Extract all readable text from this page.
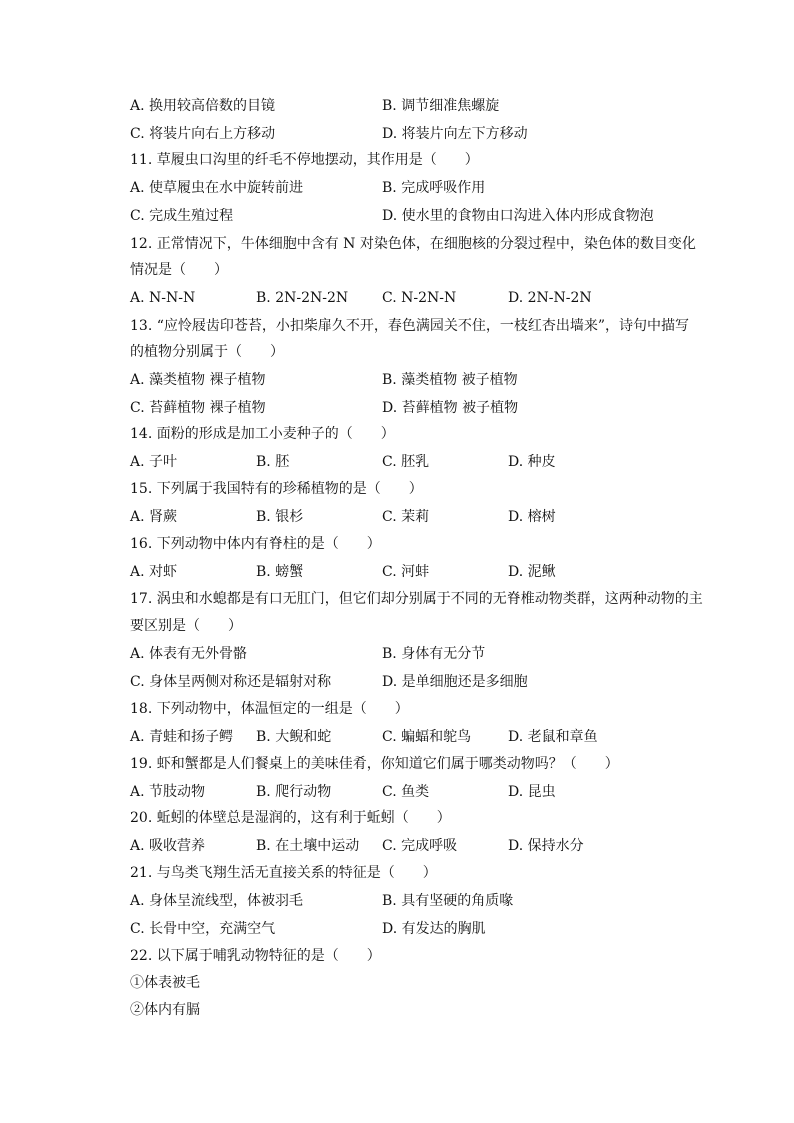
A. 换用较高倍数的目镜	B. 调节细准焦螺旋
C. 将装片向右上方移动	D. 将装片向左下方移动
11. 草履虫口沟里的纤毛不停地摆动，其作用是（　　）
A. 使草履虫在水中旋转前进	B. 完成呼吸作用
C. 完成生殖过程	D. 使水里的食物由口沟进入体内形成食物泡
12. 正常情况下，牛体细胞中含有 N 对染色体，在细胞核的分裂过程中，染色体的数目变化
情况是（　　）
A. N-N-N	B. 2N-2N-2N C. N-2N-N	D. 2N-N-2N
13. “应怜屐齿印苍苔，小扣柴扉久不开，春色满园关不住，一枝红杏出墙来”，诗句中描写
的植物分别属于（　　）
A. 藻类植物 裸子植物	B. 藻类植物 被子植物
C. 苔藓植物 裸子植物	D. 苔藓植物 被子植物
14. 面粉的形成是加工小麦种子的（　　）
A. 子叶	B. 胚	C. 胚乳	D. 种皮
15. 下列属于我国特有的珍稀植物的是（　　）
A. 肾蕨	B. 银杉	C. 茉莉	D. 榕树
16. 下列动物中体内有脊柱的是（　　）
A. 对虾	B. 螃蟹	C. 河蚌	D. 泥鳅
17. 涡虫和水螅都是有口无肛门，但它们却分别属于不同的无脊椎动物类群，这两种动物的主
要区别是（　　）
A. 体表有无外骨骼	B. 身体有无分节
C. 身体呈两侧对称还是辐射对称	D. 是单细胞还是多细胞
18. 下列动物中，体温恒定的一组是（　　）
A. 青蛙和扬子鳄 B. 大鲵和蛇	C. 蝙蝠和鸵鸟	D. 老鼠和章鱼
19. 虾和蟹都是人们餐桌上的美味佳肴，你知道它们属于哪类动物吗？（　　）
A. 节肢动物	B. 爬行动物	C. 鱼类	D. 昆虫
20. 蚯蚓的体壁总是湿润的，这有利于蚯蚓（　　）
A. 吸收营养	B. 在土壤中运动 C. 完成呼吸	D. 保持水分
21. 与鸟类飞翔生活无直接关系的特征是（　　）
A. 身体呈流线型，体被羽毛	B. 具有坚硬的角质喙
C. 长骨中空，充满空气	D. 有发达的胸肌
22. 以下属于哺乳动物特征的是（　　）
①体表被毛
②体内有膈
